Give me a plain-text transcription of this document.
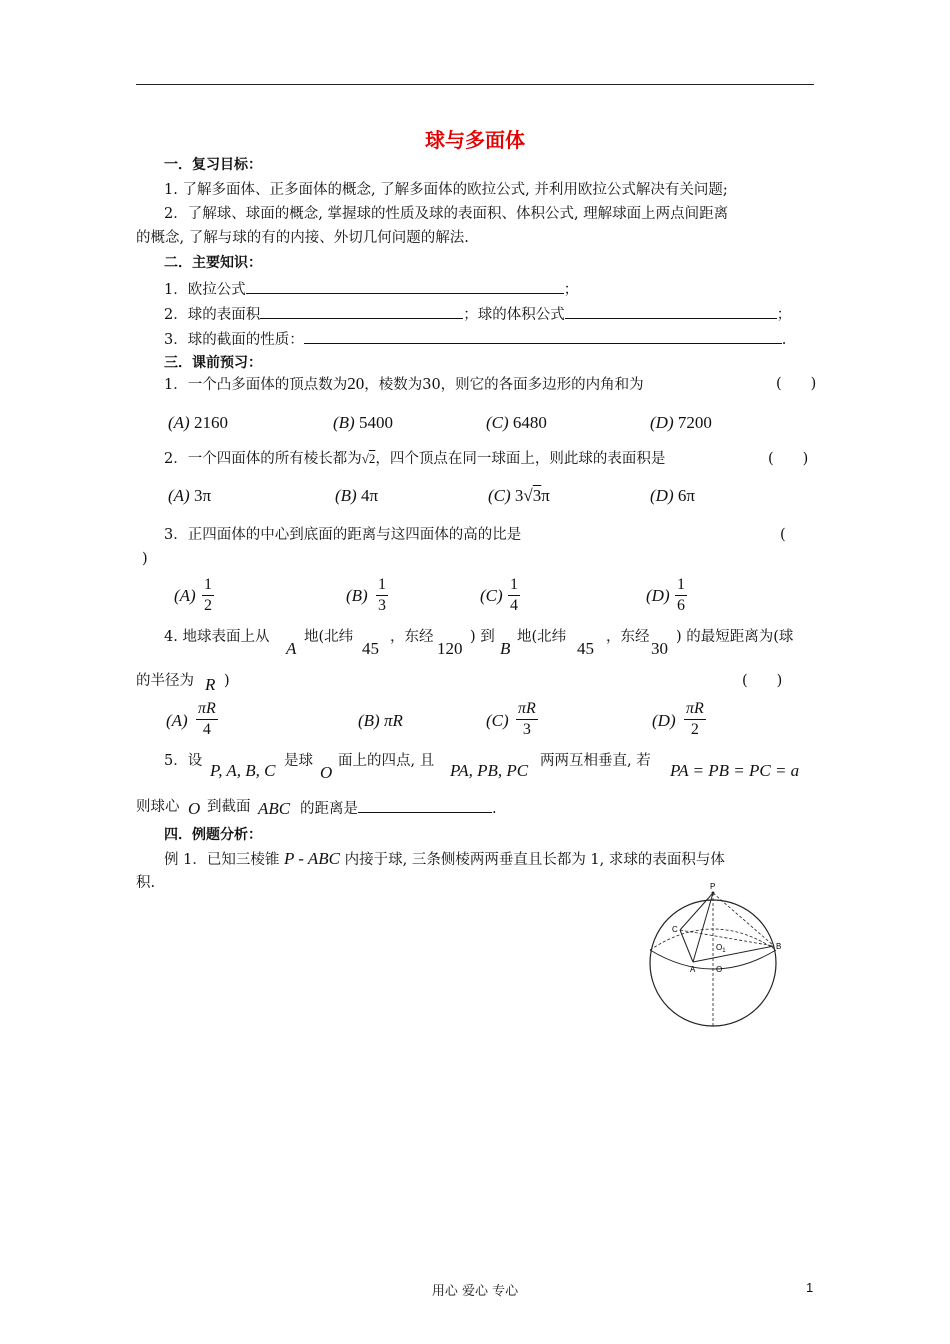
球与多面体
一．复习目标：
1. 了解多面体、正多面体的概念, 了解多面体的欧拉公式, 并利用欧拉公式解决有关问题;
2．了解球、球面的概念, 掌握球的性质及球的表面积、体积公式, 理解球面上两点间距离
的概念, 了解与球的有的内接、外切几何问题的解法.
二．主要知识：
1．欧拉公式	；
2．球的表面积	；球的体积公式	；
3．球的截面的性质：	.
三．课前预习：
1．一个凸多面体的顶点数为20，棱数为30，则它的各面多边形的内角和为	(　　)
(A) 2160	(B) 5400	(C) 6480	(D) 7200
2．一个四面体的所有棱长都为√2，四个顶点在同一球面上，则此球的表面积是	(　　)
(A) 3π	(B) 4π	(C) 3√3π	(D) 6π
3．正四面体的中心到底面的距离与这四面体的高的比是	(
)
(A)
1
2
(B)
1
3
(C)
1
4
(D)
1
6
4. 地球表面上从
A
地(北纬
45
，东经
120
) 到
B
地(北纬
45
，东经
30
) 的最短距离为(球
的半径为 R )	(　　)
(A)
πR
4	(B) πR	(C)
πR
3	(D)
πR
2
5．设 P, A, B, C 是球
O
面上的四点, 且 PA, PB, PC 两两互相垂直, 若 PA = PB = PC = a
则球心 O 到截面 ABC 的距离是	.
四．例题分析：
例 1．已知三棱锥 P - ABC 内接于球, 三条侧棱两两垂直且长都为 1, 求球的表面积与体
积.	P
C
$O_1$	B
A	O
用心 爱心 专心	1
